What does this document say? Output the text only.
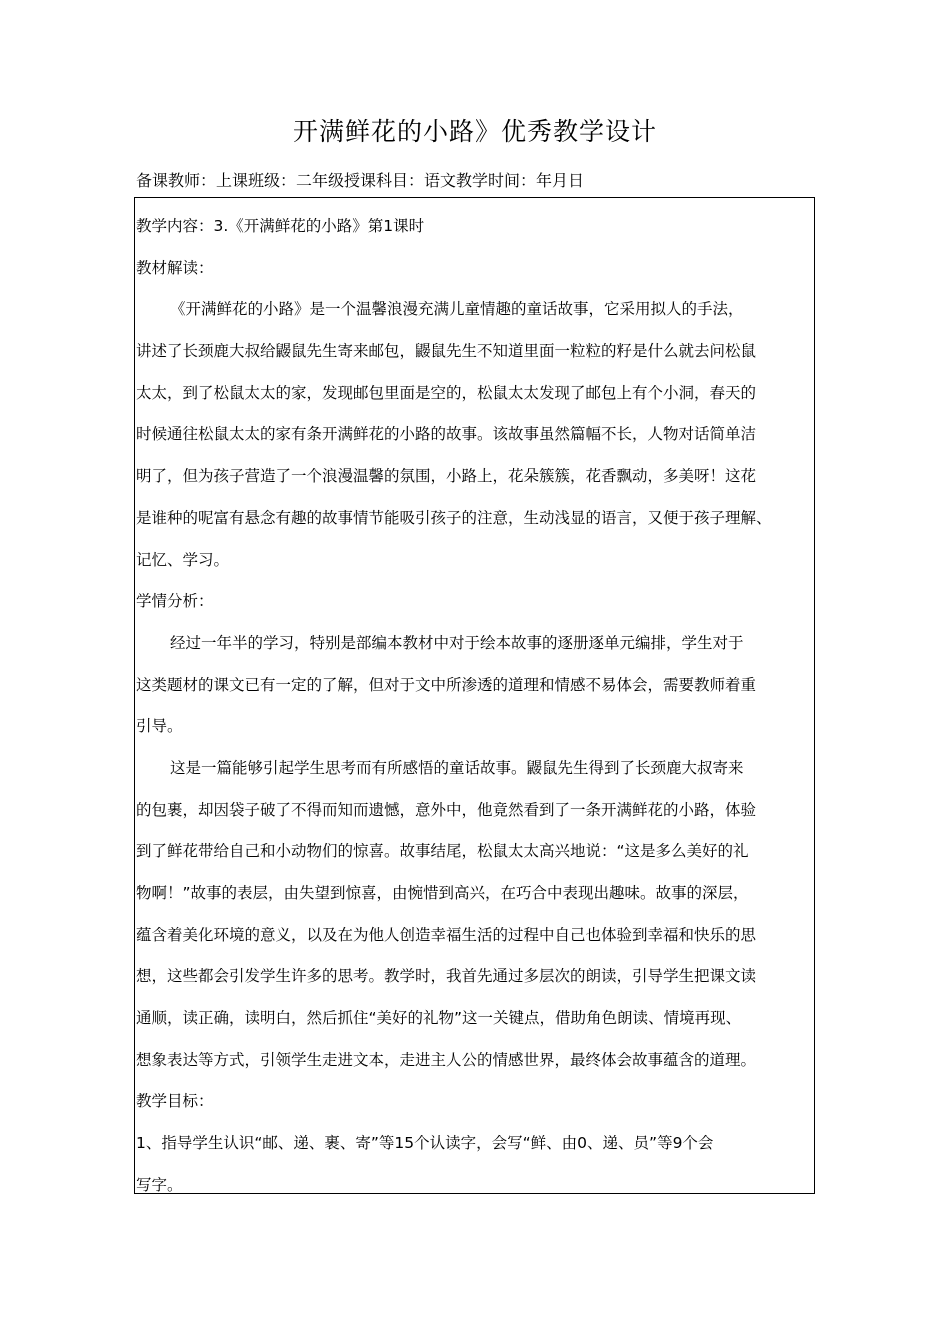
开满鲜花的小路》优秀教学设计
备课教师：上课班级：二年级授课科目：语文教学时间：年月日
教学内容：3.《开满鲜花的小路》第1课时
教材解读：
《开满鲜花的小路》是一个温馨浪漫充满儿童情趣的童话故事，它采用拟人的手法，
讲述了长颈鹿大叔给鼹鼠先生寄来邮包，鼹鼠先生不知道里面一粒粒的籽是什么就去问松鼠
太太，到了松鼠太太的家，发现邮包里面是空的，松鼠太太发现了邮包上有个小洞，春天的
时候通往松鼠太太的家有条开满鲜花的小路的故事。该故事虽然篇幅不长，人物对话简单洁
明了，但为孩子营造了一个浪漫温馨的氛围，小路上，花朵簇簇，花香飘动，多美呀！这花
是谁种的呢富有悬念有趣的故事情节能吸引孩子的注意，生动浅显的语言，又便于孩子理解、
记忆、学习。
学情分析：
经过一年半的学习，特别是部编本教材中对于绘本故事的逐册逐单元编排，学生对于
这类题材的课文已有一定的了解，但对于文中所渗透的道理和情感不易体会，需要教师着重
引导。
这是一篇能够引起学生思考而有所感悟的童话故事。鼹鼠先生得到了长颈鹿大叔寄来
的包裹，却因袋子破了不得而知而遗憾，意外中，他竟然看到了一条开满鲜花的小路，体验
到了鲜花带给自己和小动物们的惊喜。故事结尾，松鼠太太高兴地说：“这是多么美好的礼
物啊！”故事的表层，由失望到惊喜，由惋惜到高兴，在巧合中表现出趣味。故事的深层，
蕴含着美化环境的意义，以及在为他人创造幸福生活的过程中自己也体验到幸福和快乐的思
想，这些都会引发学生许多的思考。教学时，我首先通过多层次的朗读，引导学生把课文读
通顺，读正确，读明白，然后抓住“美好的礼物”这一关键点，借助角色朗读、情境再现、
想象表达等方式，引领学生走进文本，走进主人公的情感世界，最终体会故事蕴含的道理。
教学目标：
1、指导学生认识“邮、递、裹、寄”等15个认读字，会写“鲜、由0、递、员”等9个会
写字。
